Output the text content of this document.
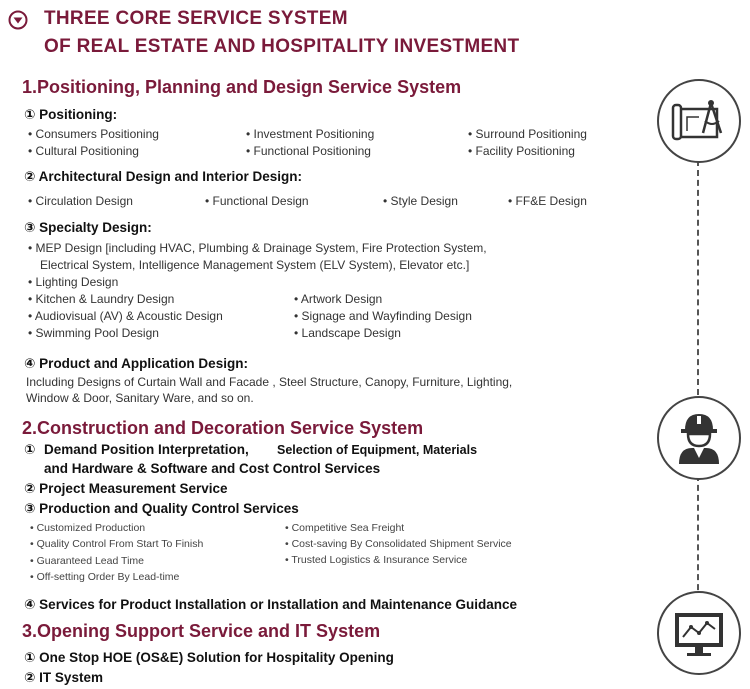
THREE CORE SERVICE SYSTEM
OF REAL ESTATE AND HOSPITALITY INVESTMENT
1.Positioning, Planning and Design Service System
① Positioning:
• Consumers Positioning	• Investment Positioning	• Surround Positioning
• Cultural Positioning	• Functional Positioning	• Facility Positioning
② Architectural Design and Interior Design:
• Circulation Design	• Functional Design	• Style Design	• FF&E Design
③ Specialty Design:
• MEP Design [including HVAC, Plumbing & Drainage System, Fire Protection System,
Electrical System, Intelligence Management System (ELV System), Elevator etc.]
• Lighting Design
• Kitchen & Laundry Design
• Audiovisual (AV) & Acoustic Design
• Swimming Pool Design
• Artwork Design
• Signage and Wayfinding Design
• Landscape Design
④ Product and Application Design:
Including Designs of Curtain Wall and Facade , Steel Structure, Canopy, Furniture, Lighting,
Window & Door, Sanitary Ware, and so on.
2.Construction and Decoration Service System
① Demand Position Interpretation, Selection of Equipment, Materials
and Hardware & Software and Cost Control Services
② Project Measurement Service
③ Production and Quality Control Services
• Customized Production
• Quality Control From Start To Finish
• Guaranteed Lead Time
• Off-setting Order By Lead-time
• Competitive Sea Freight
• Cost-saving By Consolidated Shipment Service
• Trusted Logistics & Insurance Service
④ Services for Product Installation or Installation and Maintenance Guidance
3.Opening Support Service and IT System
① One Stop HOE (OS&E) Solution for Hospitality Opening
② IT System
